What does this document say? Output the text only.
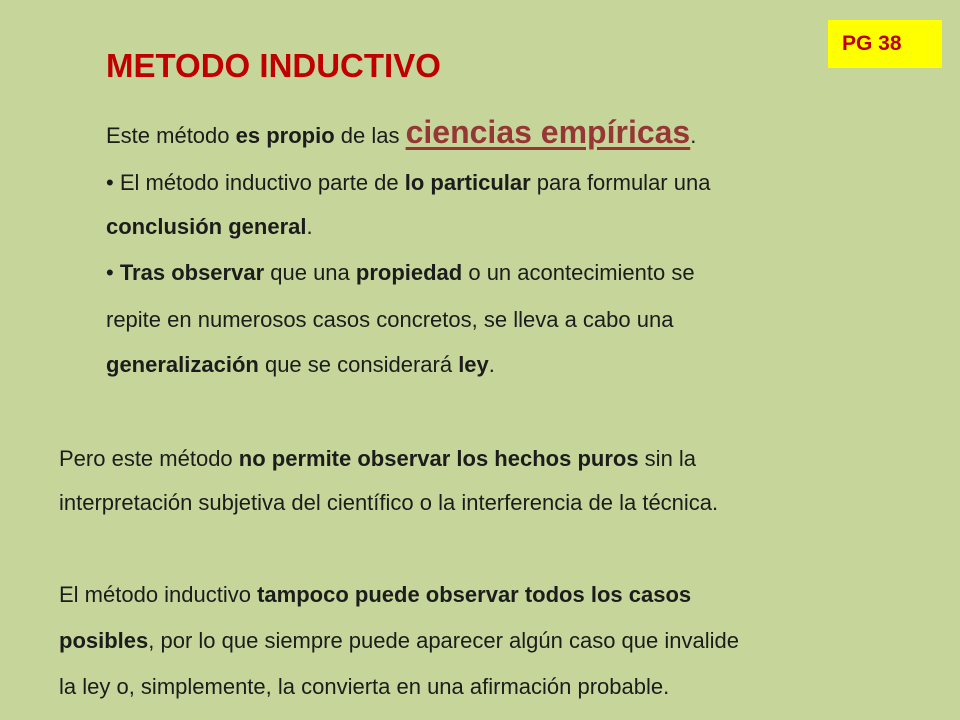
PG 38
METODO INDUCTIVO

Este método es propio de las ciencias empíricas.

• El método inductivo parte de lo particular para formular una

conclusión general.

• Tras observar que una propiedad o un acontecimiento se

repite en numerosos casos concretos, se lleva a cabo una

generalización que se considerará ley.

Pero este método no permite observar los hechos puros sin la

interpretación subjetiva del científico o la interferencia de la técnica.

El método inductivo tampoco puede observar todos los casos

posibles, por lo que siempre puede aparecer algún caso que invalide

la ley o, simplemente, la convierta en una afirmación probable.
